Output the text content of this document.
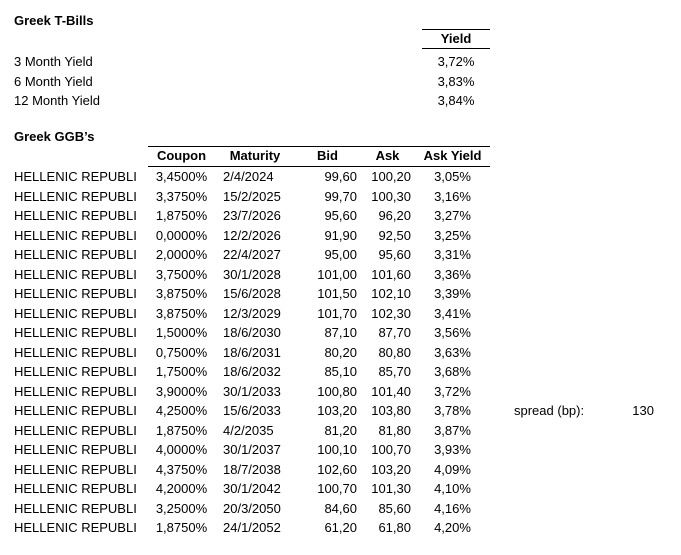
Greek T-Bills
Yield
3 Month Yield	3,72%
6 Month Yield	3,83%
12 Month Yield	3,84%
Greek GGB’s
Coupon	Maturity	Bid	Ask	Ask Yield
HELLENIC REPUBLI	3,4500%	2/4/2024	99,60	100,20	3,05%
HELLENIC REPUBLI	3,3750%	15/2/2025	99,70	100,30	3,16%
HELLENIC REPUBLI	1,8750%	23/7/2026	95,60	96,20	3,27%
HELLENIC REPUBLI	0,0000%	12/2/2026	91,90	92,50	3,25%
HELLENIC REPUBLI	2,0000%	22/4/2027	95,00	95,60	3,31%
HELLENIC REPUBLI	3,7500%	30/1/2028	101,00	101,60	3,36%
HELLENIC REPUBLI	3,8750%	15/6/2028	101,50	102,10	3,39%
HELLENIC REPUBLI	3,8750%	12/3/2029	101,70	102,30	3,41%
HELLENIC REPUBLI	1,5000%	18/6/2030	87,10	87,70	3,56%
HELLENIC REPUBLI	0,7500%	18/6/2031	80,20	80,80	3,63%
HELLENIC REPUBLI	1,7500%	18/6/2032	85,10	85,70	3,68%
HELLENIC REPUBLI	3,9000%	30/1/2033	100,80	101,40	3,72%
HELLENIC REPUBLI	4,2500%	15/6/2033	103,20	103,80	3,78%
HELLENIC REPUBLI	1,8750%	4/2/2035	81,20	81,80	3,87%
HELLENIC REPUBLI	4,0000%	30/1/2037	100,10	100,70	3,93%
HELLENIC REPUBLI	4,3750%	18/7/2038	102,60	103,20	4,09%
HELLENIC REPUBLI	4,2000%	30/1/2042	100,70	101,30	4,10%
HELLENIC REPUBLI	3,2500%	20/3/2050	84,60	85,60	4,16%
HELLENIC REPUBLI	1,8750%	24/1/2052	61,20	61,80	4,20%
spread (bp):	130
